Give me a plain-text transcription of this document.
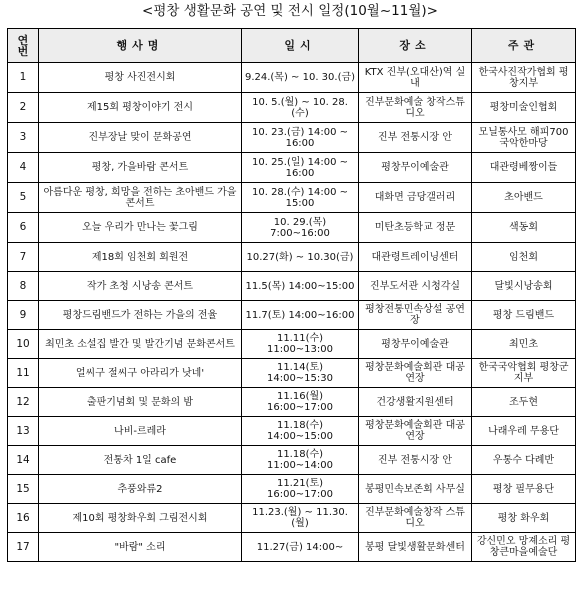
<평창 생활문화 공연 및 전시 일정(10월~11월)>
연
번	행사명	일시	장소	주관
1	평창 사진전시회	9.24.(목) ~ 10. 30.(금)	KTX 진부(오대산)역 실내	한국사진작가협회 평창지부
2	제15회 평창이야기 전시	10. 5.(월) ~ 10. 28.(수)	진부문화예술 창작스튜디오	평창미술인협회
3	진부장날 맞이 문화공연	10. 23.(금) 14:00 ~ 16:00	진부 전통시장 안	모닐통사모 해피700 국악한마당
4	평창, 가을바람 콘서트	10. 25.(일) 14:00 ~ 16:00	평창무이예술관	대관령베짱이들
5	아름다운 평창, 희망을 전하는 초아밴드 가을콘서트	10. 28.(수) 14:00 ~ 15:00	대화면 금당갤러리	초아밴드
6	오늘 우리가 만나는 꽃그림	10. 29.(목) 7:00~16:00	미탄초등학교 정문	색동회
7	제18회 임천회 회원전	10.27(화) ~ 10.30(금)	대관령트레이닝센터	임천회
8	작가 초청 시낭송 콘서트	11.5(목) 14:00~15:00	진부도서관 시청각실	달빛시낭송회
9	평창드림밴드가 전하는 가을의 전율	11.7(토) 14:00~16:00	평창전통민속상설 공연장	평창 드림밴드
10	최민초 소설집 발간 및 발간기념 문화콘서트	11.11(수) 11:00~13:00	평창무이예술관	최민초
11	얼씨구 절씨구 아라리가 낫네'	11.14(토) 14:00~15:30	평창문화예술회관 대공연장	한국국악협회 평창군지부
12	출판기념회 및 문화의 밤	11.16(월) 16:00~17:00	건강생활지원센터	조두현
13	나비-르레라	11.18(수) 14:00~15:00	평창문화예술회관 대공연장	나래우레 무용단
14	전통차 1일 cafe	11.18(수) 11:00~14:00	진부 전통시장 안	우통수 다례반
15	추풍와류2	11.21(토) 16:00~17:00	봉평민속보존회 사무실	평창 필무용단
16	제10회 평창화우회 그림전시회	11.23.(월) ~ 11.30.(월)	진부문화예술창작 스튜디오	평창 화우회
17	"바람" 소리	11.27(금) 14:00~	봉평 달빛생활문화센터	강신민오 망졔소리 평창큰마을예술단
